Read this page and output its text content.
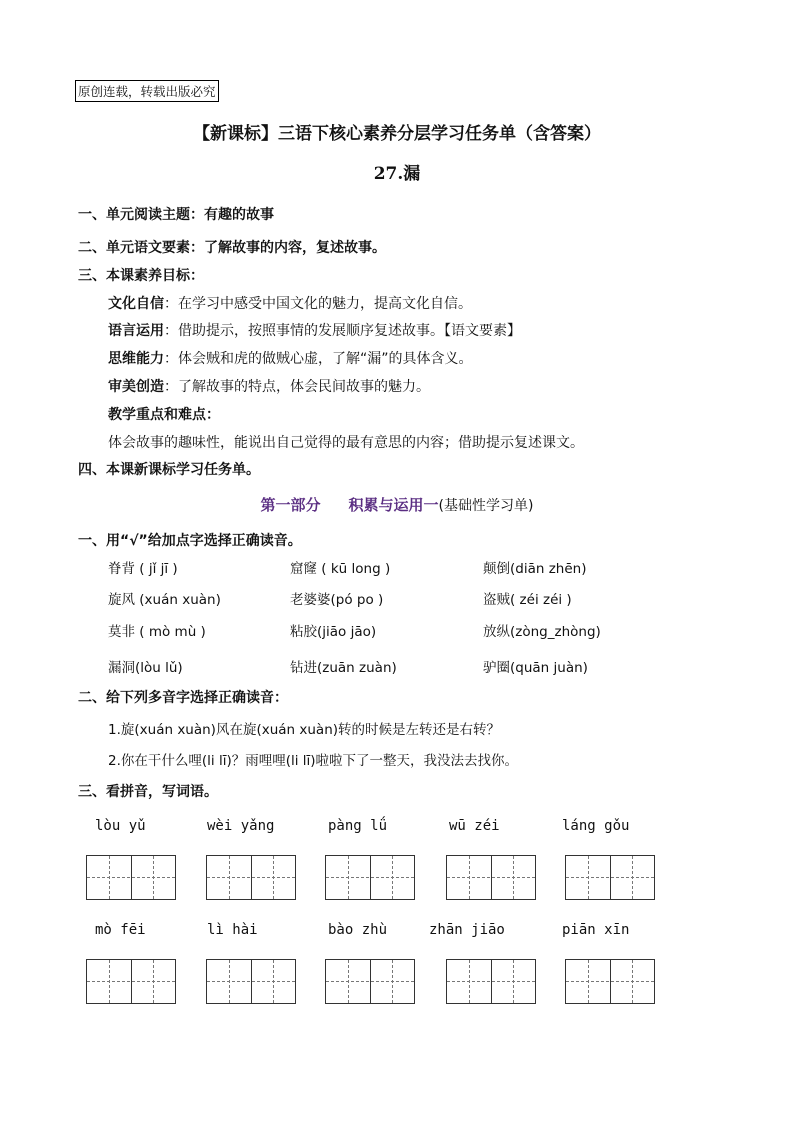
原创连载，转载出版必究
【新课标】三语下核心素养分层学习任务单（含答案）
27.漏
一、单元阅读主题：有趣的故事
二、单元语文要素：了解故事的内容，复述故事。
三、本课素养目标：
文化自信：在学习中感受中国文化的魅力，提高文化自信。
语言运用：借助提示，按照事情的发展顺序复述故事。【语文要素】
思维能力：体会贼和虎的做贼心虚，了解“漏”的具体含义。
审美创造：了解故事的特点，体会民间故事的魅力。
教学重点和难点：
体会故事的趣味性，能说出自己觉得的最有意思的内容；借助提示复述课文。
四、本课新课标学习任务单。
第一部分 积累与运用一(基础性学习单)
一、用“√”给加点字选择正确读音。
脊背 ( jǐ jī )	窟窿 ( kū long )	颠倒(diān zhēn)
旋风 (xuán xuàn)	老婆婆(pó po )	盗贼( zéi zéi )
莫非 ( mò mù )	粘胶(jiāo jāo)	放纵(zòng_zhòng)
漏洞(lòu lǔ)	钻进(zuān zuàn)	驴圈(quān juàn)
二、给下列多音字选择正确读音：
1.旋(xuán xuàn)风在旋(xuán xuàn)转的时候是左转还是右转？
2.你在干什么哩(li lī)？雨哩哩(li lī)啦啦下了一整天，我没法去找你。
三、看拼音，写词语。
lòu yǔ	wèi yǎng	pàng lǘ	wū zéi	láng gǒu
mò fēi	lì hài	bào zhù	zhān jiāo	piān xīn
